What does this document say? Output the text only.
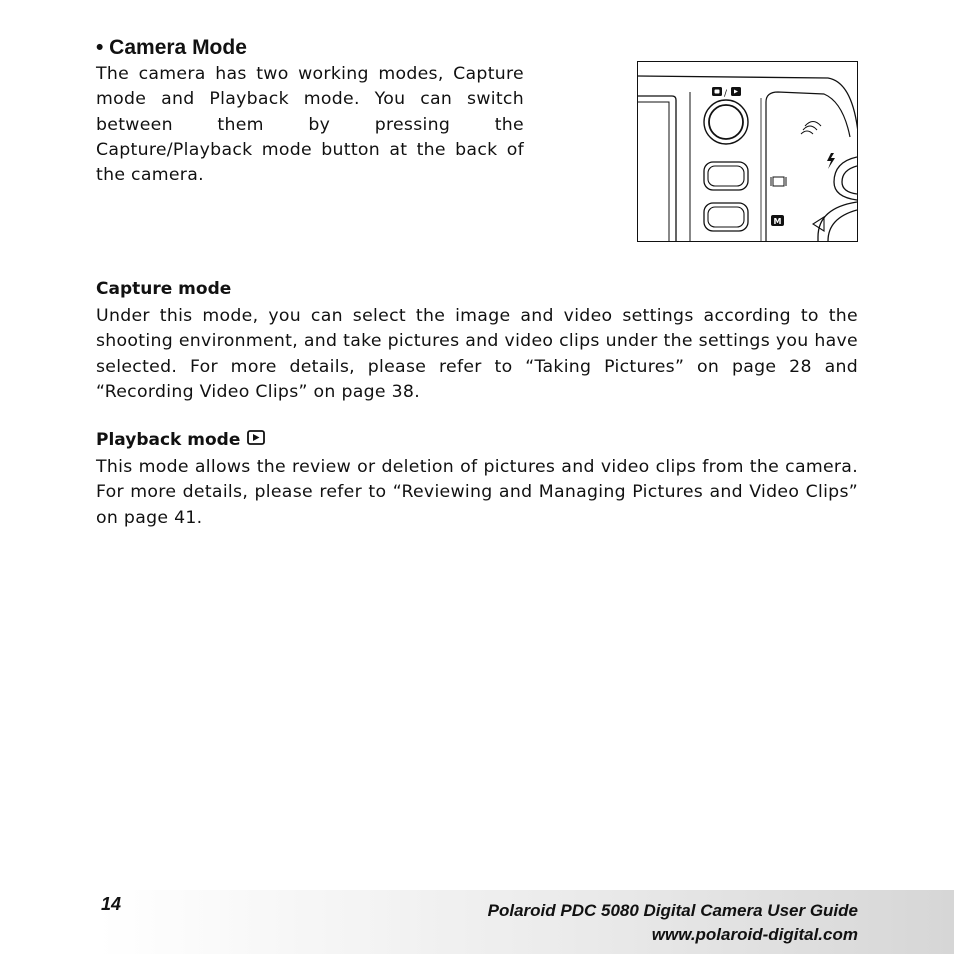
• Camera Mode

The camera has two working modes, Capture mode and Playback mode. You can switch between them by pressing the Capture/Playback mode button at the back of the camera.

/
M
Capture mode

Under this mode, you can select the image and video settings according to the shooting environment, and take pictures and video clips under the settings you have selected. For more details, please refer to “Taking Pictures” on page 28 and “Recording Video Clips” on page 38.

Playback mode

This mode allows the review or deletion of pictures and video clips from the camera. For more details, please refer to “Reviewing and Managing Pictures and Video Clips” on page 41.

14	Polaroid PDC 5080 Digital Camera User Guide
www.polaroid-digital.com
